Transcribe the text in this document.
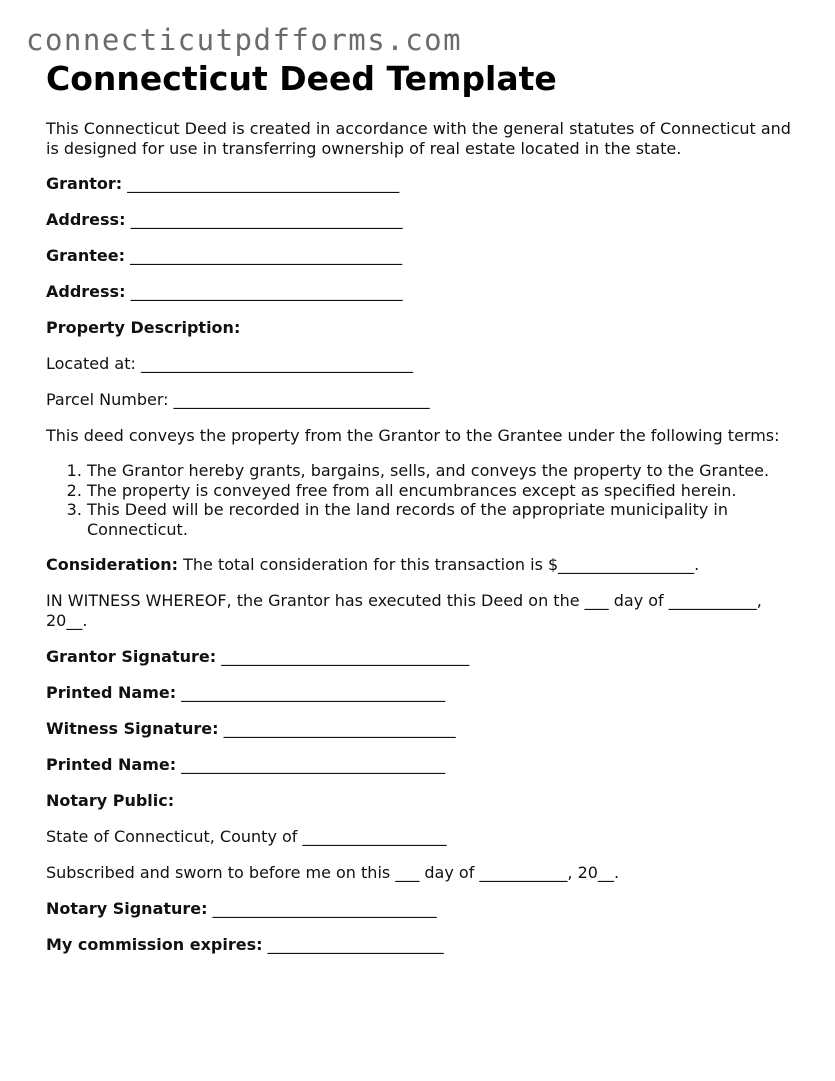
connecticutpdfforms.com
Connecticut Deed Template

This Connecticut Deed is created in accordance with the general statutes of Connecticut and is designed for use in transferring ownership of real estate located in the state.

Grantor: __________________________________

Address: __________________________________

Grantee: __________________________________

Address: __________________________________

Property Description:

Located at: __________________________________

Parcel Number: ________________________________

This deed conveys the property from the Grantor to the Grantee under the following terms:

1. The Grantor hereby grants, bargains, sells, and conveys the property to the Grantee.
2. The property is conveyed free from all encumbrances except as specified herein.
3. This Deed will be recorded in the land records of the appropriate municipality in Connecticut.

Consideration: The total consideration for this transaction is $_________________.

IN WITNESS WHEREOF, the Grantor has executed this Deed on the ___ day of ___________, 20__.

Grantor Signature: _______________________________

Printed Name: _________________________________

Witness Signature: _____________________________

Printed Name: _________________________________

Notary Public:

State of Connecticut, County of __________________

Subscribed and sworn to before me on this ___ day of ___________, 20__.

Notary Signature: ____________________________

My commission expires: ______________________
